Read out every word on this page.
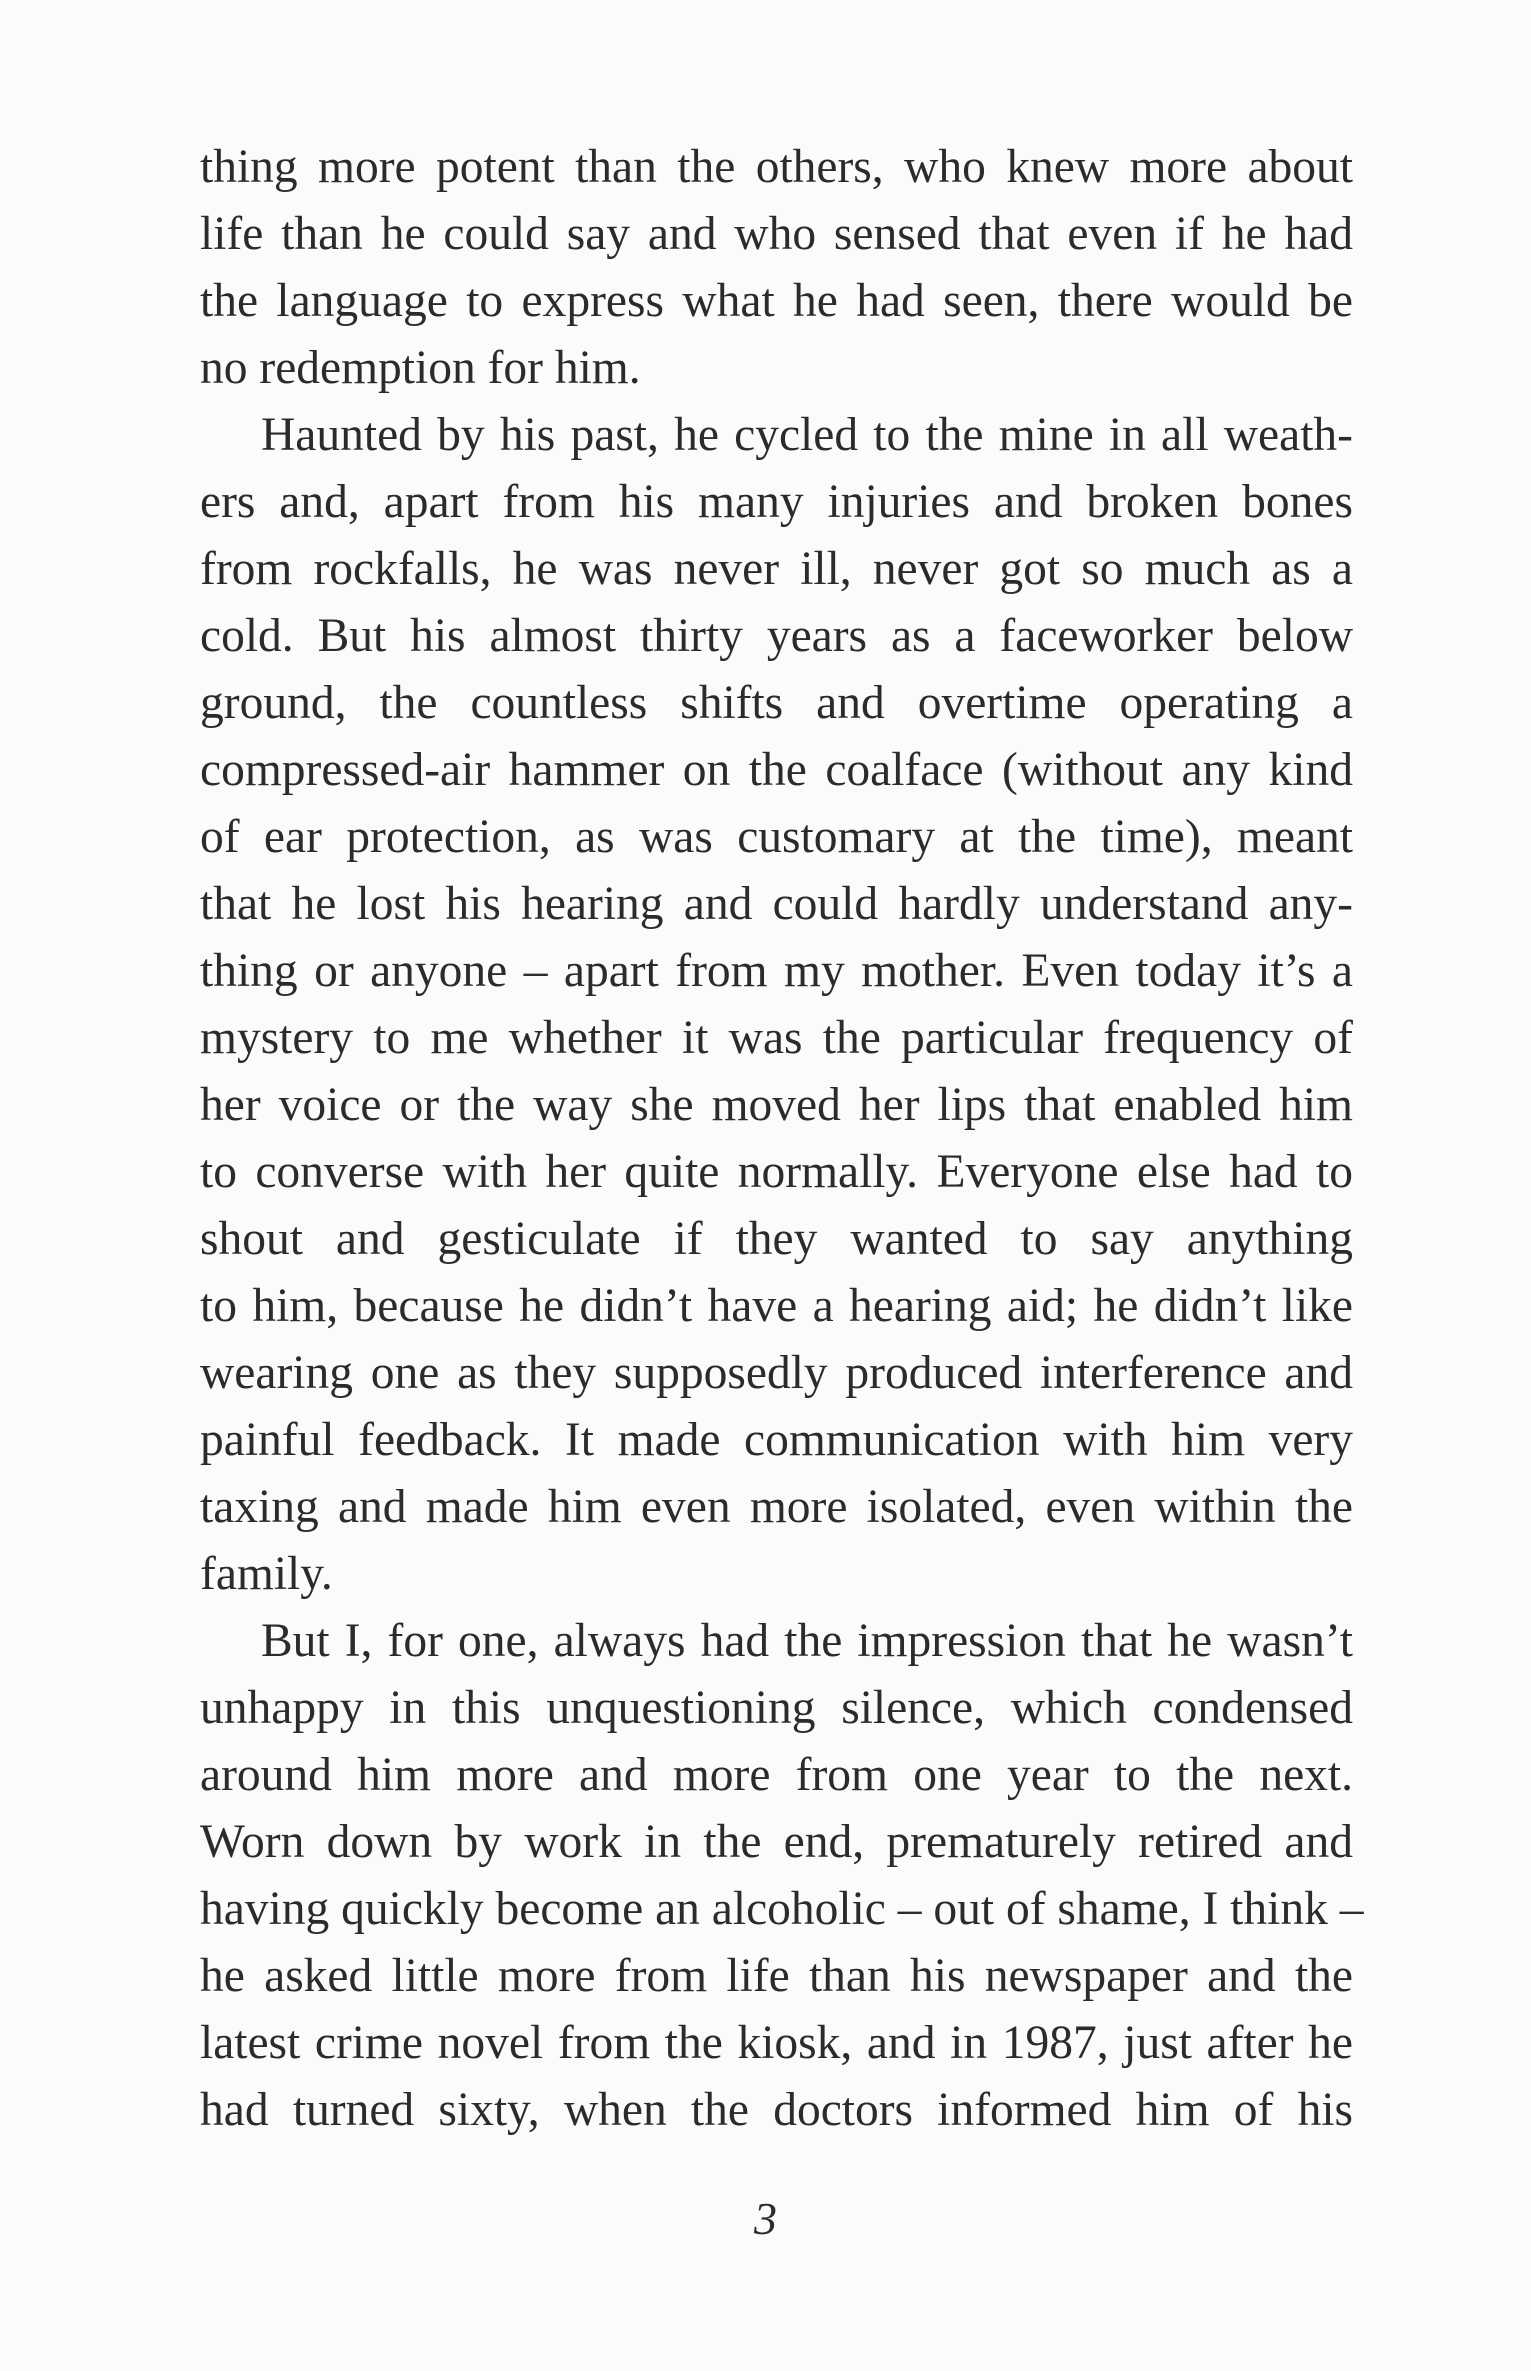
thing more potent than the others, who knew more about
life than he could say and who sensed that even if he had
the language to express what he had seen, there would be
no redemption for him.
Haunted by his past, he cycled to the mine in all weath-
ers and, apart from his many injuries and broken bones
from rockfalls, he was never ill, never got so much as a
cold. But his almost thirty years as a faceworker below
ground, the countless shifts and overtime operating a
compressed-air hammer on the coalface (without any kind
of ear protection, as was customary at the time), meant
that he lost his hearing and could hardly understand any-
thing or anyone – apart from my mother. Even today it’s a
mystery to me whether it was the particular frequency of
her voice or the way she moved her lips that enabled him
to converse with her quite normally. Everyone else had to
shout and gesticulate if they wanted to say anything
to him, because he didn’t have a hearing aid; he didn’t like
wearing one as they supposedly produced interference and
painful feedback. It made communication with him very
taxing and made him even more isolated, even within the
family.
But I, for one, always had the impression that he wasn’t
unhappy in this unquestioning silence, which condensed
around him more and more from one year to the next.
Worn down by work in the end, prematurely retired and
having quickly become an alcoholic – out of shame, I think –
he asked little more from life than his newspaper and the
latest crime novel from the kiosk, and in 1987, just after he
had turned sixty, when the doctors informed him of his
3
